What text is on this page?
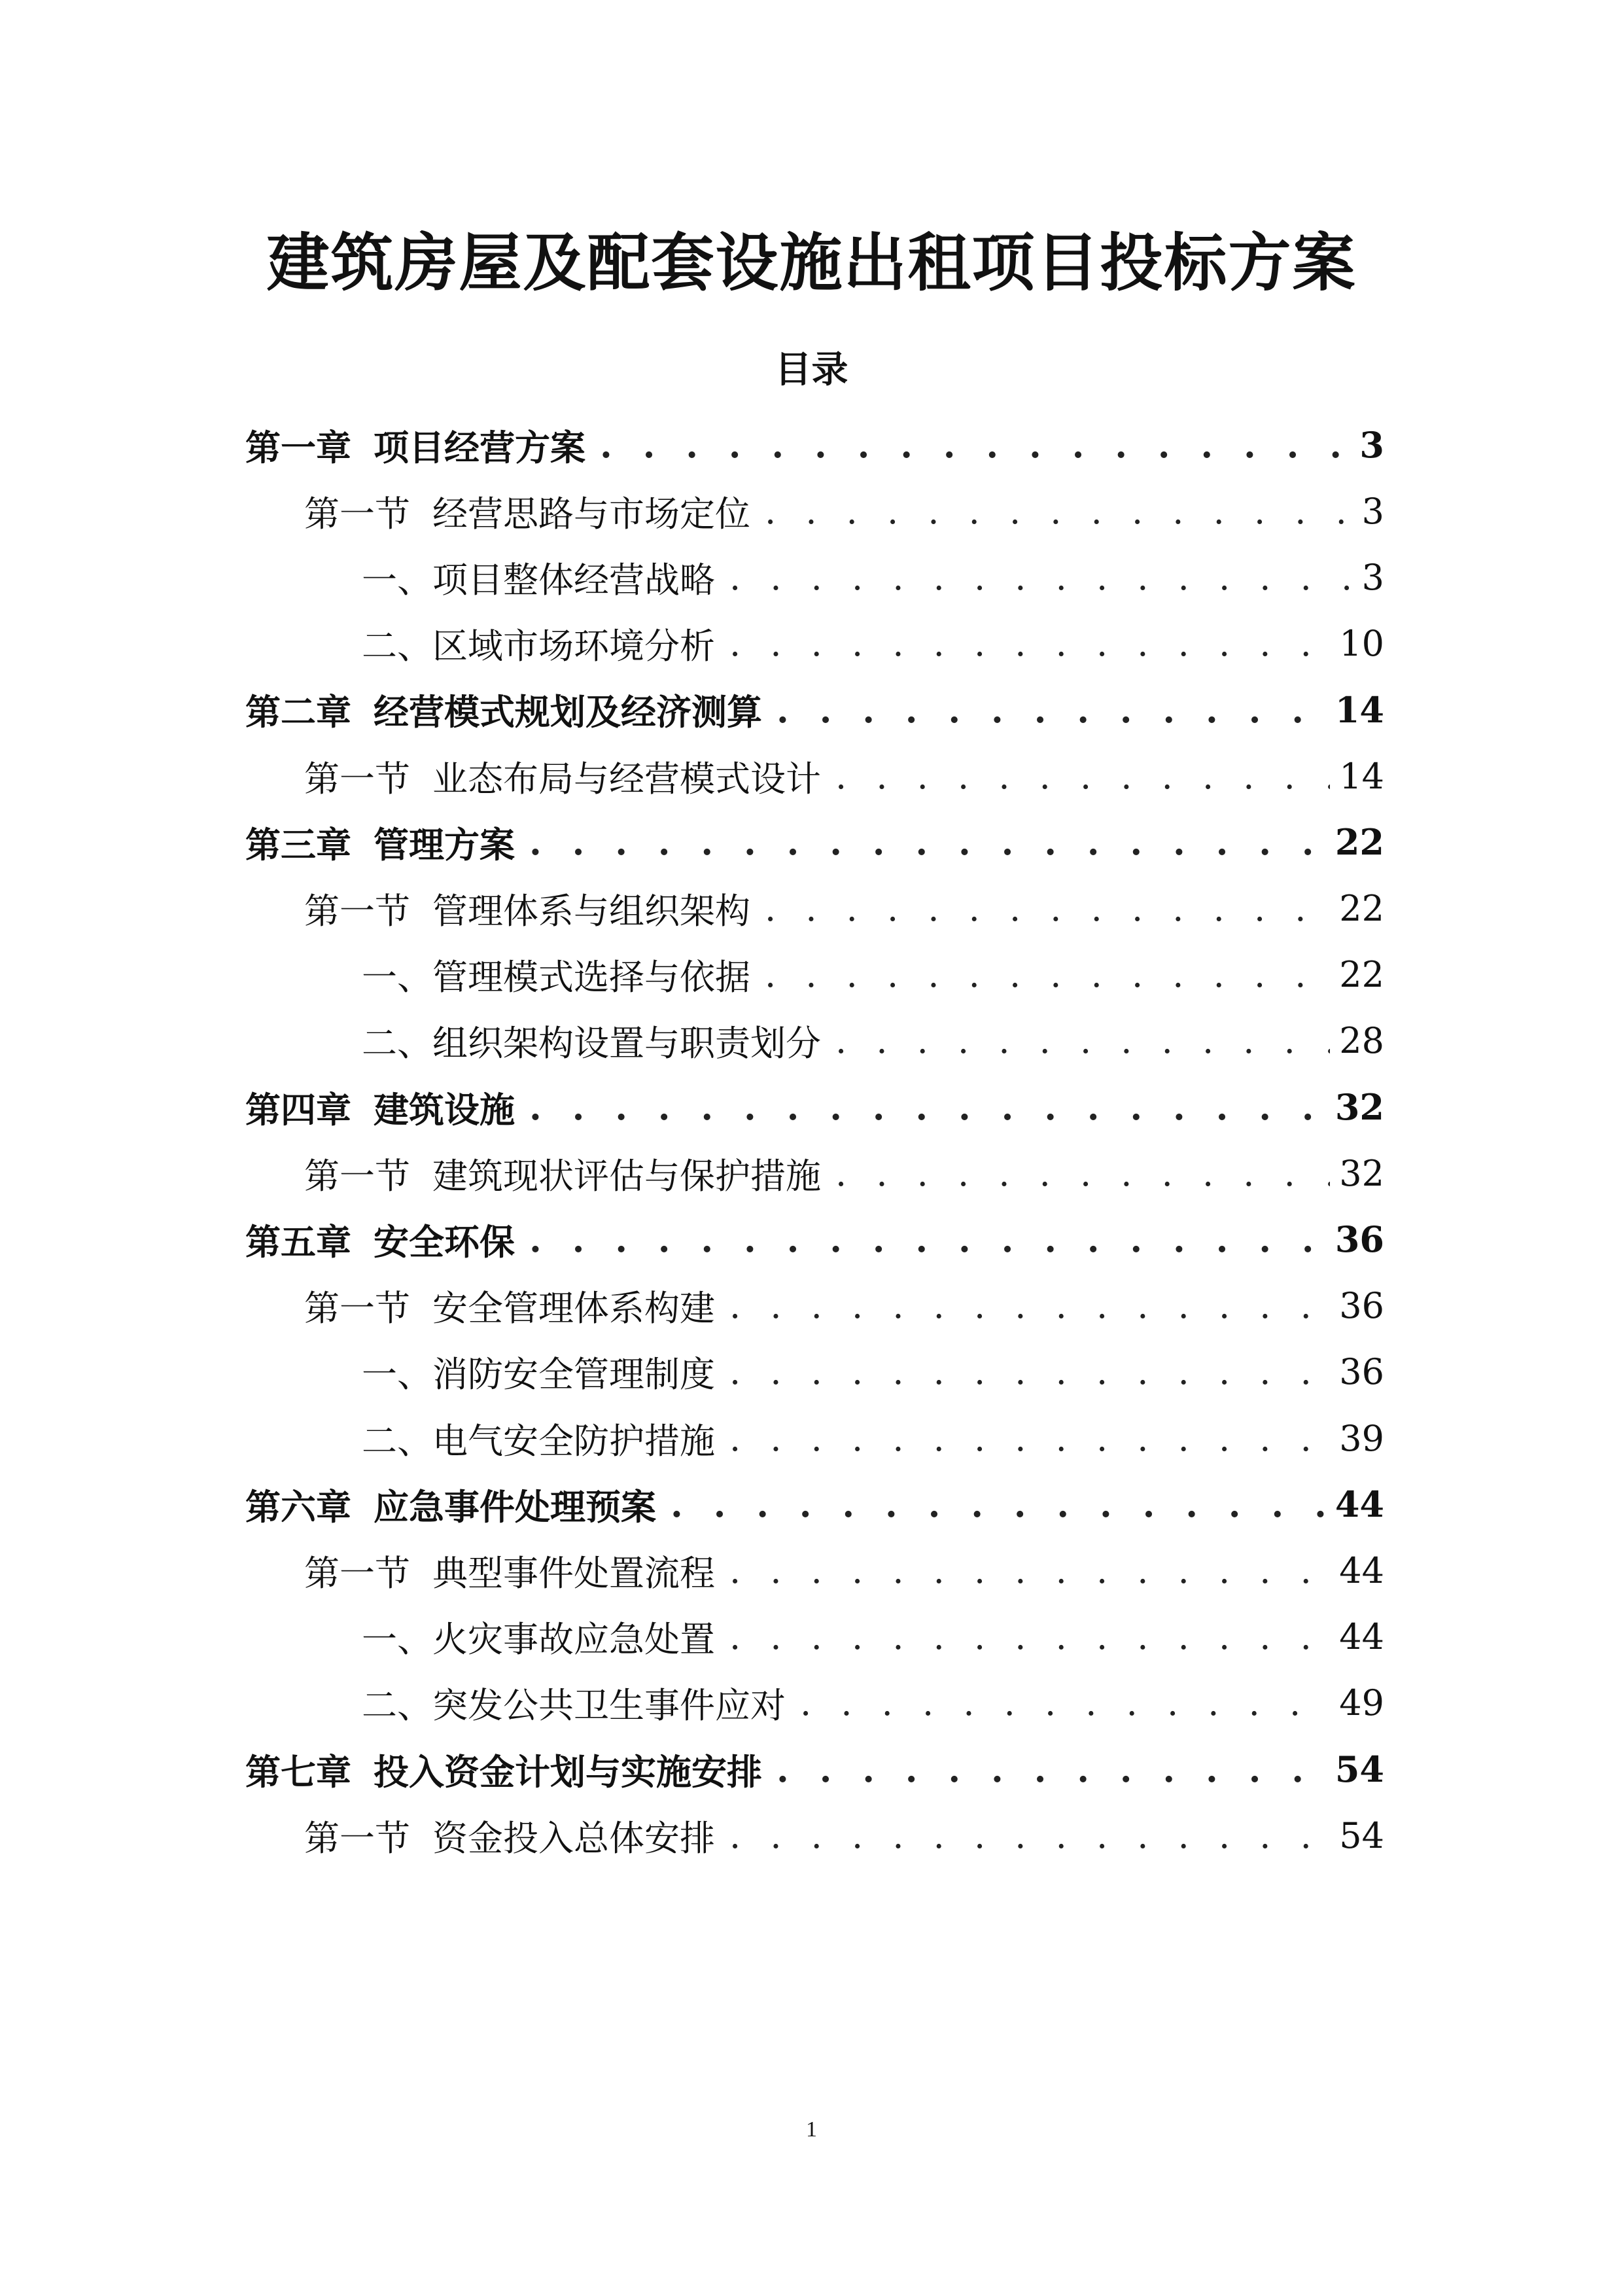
建筑房屋及配套设施出租项目投标方案
目录
第一章 项目经营方案 . . .	3
第一节 经营思路与市场定位 . . .	3
一、 项目整体经营战略 . . .	3
二、 区域市场环境分析 . . .	10
第二章 经营模式规划及经济测算 . . .	14
第一节 业态布局与经营模式设计 . . .	14
第三章 管理方案 . . .	22
第一节 管理体系与组织架构 . . .	22
一、 管理模式选择与依据 . . .	22
二、 组织架构设置与职责划分 . . .	28
第四章 建筑设施 . . .	32
第一节 建筑现状评估与保护措施 . . .	32
第五章 安全环保 . . .	36
第一节 安全管理体系构建 . . .	36
一、 消防安全管理制度 . . .	36
二、 电气安全防护措施 . . .	39
第六章 应急事件处理预案 . . .	44
第一节 典型事件处置流程 . . .	44
一、 火灾事故应急处置 . . .	44
二、 突发公共卫生事件应对 . . .	49
第七章 投入资金计划与实施安排 . . .	54
第一节 资金投入总体安排 . . .	54
1
